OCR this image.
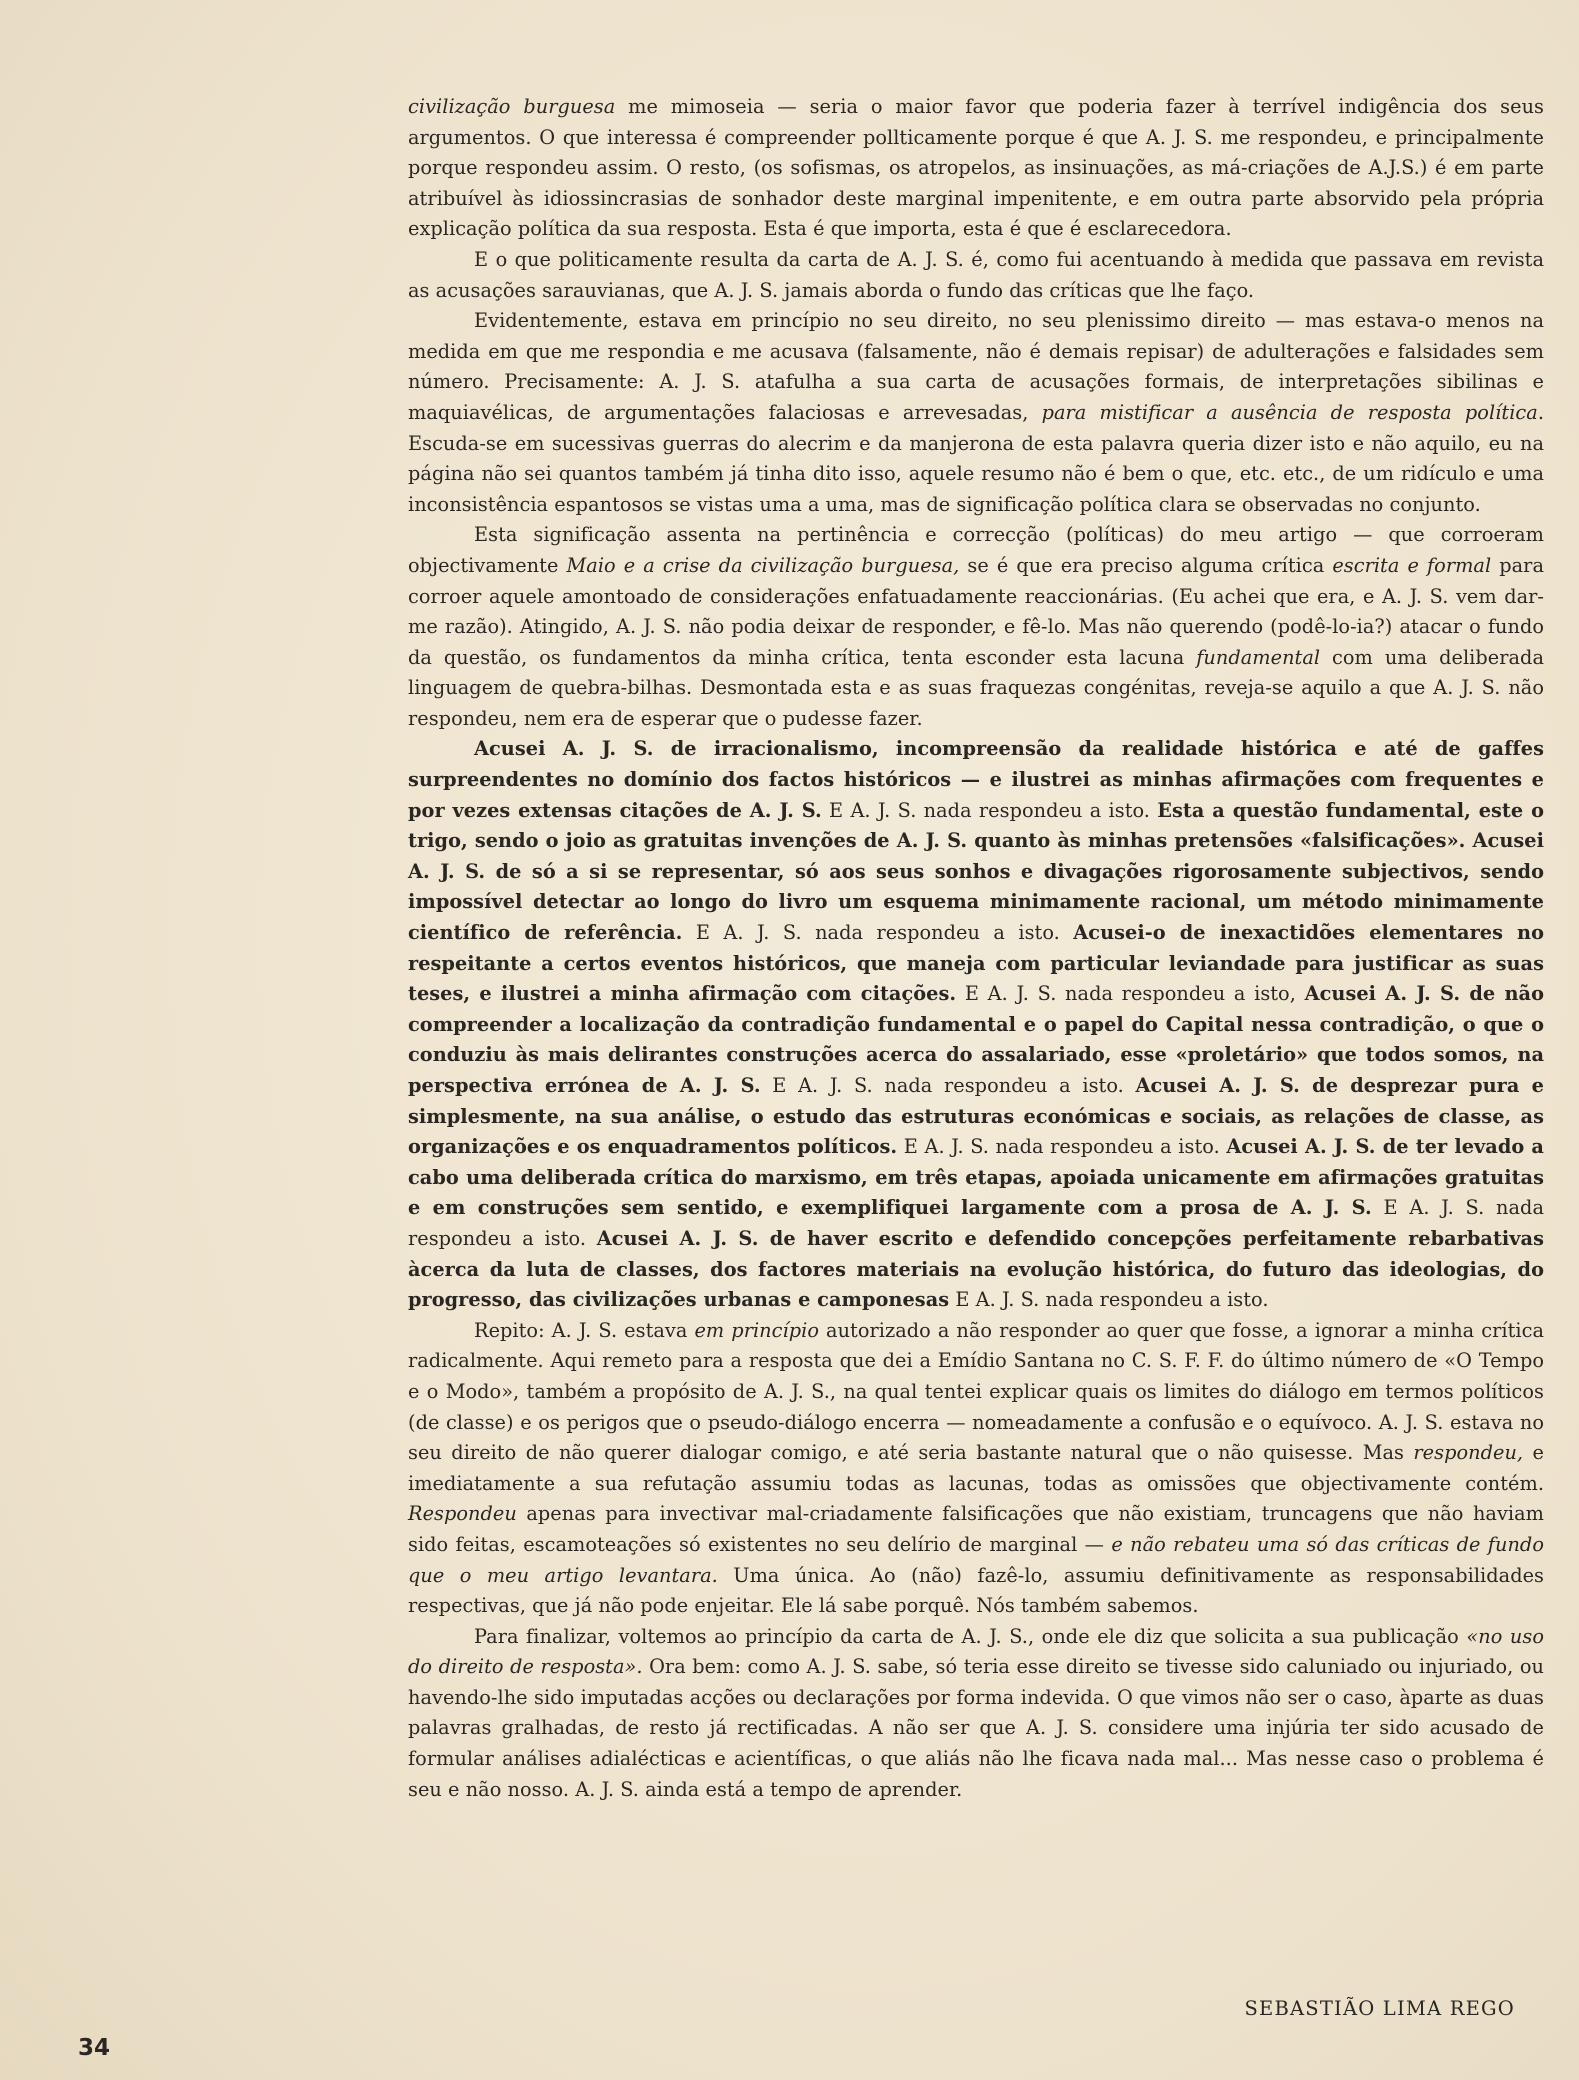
civilização burguesa me mimoseia — seria o maior favor que poderia fazer à terrível indigência dos seus argumentos. O que interessa é compreender pollticamente porque é que A. J. S. me respondeu, e principalmente porque respondeu assim. O resto, (os sofismas, os atropelos, as insinuações, as má-criações de A.J.S.) é em parte atribuível às idiossincrasias de sonhador deste marginal impenitente, e em outra parte absorvido pela própria explicação política da sua resposta. Esta é que importa, esta é que é esclarecedora.

E o que politicamente resulta da carta de A. J. S. é, como fui acentuando à medida que passava em revista as acusações sarauvianas, que A. J. S. jamais aborda o fundo das críticas que lhe faço.

Evidentemente, estava em princípio no seu direito, no seu plenissimo direito — mas estava-o menos na medida em que me respondia e me acusava (falsamente, não é demais repisar) de adulterações e falsidades sem número. Precisamente: A. J. S. atafulha a sua carta de acusações formais, de interpretações sibilinas e maquiavélicas, de argumentações falaciosas e arrevesadas, para mistificar a ausência de resposta política. Escuda-se em sucessivas guerras do alecrim e da manjerona de esta palavra queria dizer isto e não aquilo, eu na página não sei quantos também já tinha dito isso, aquele resumo não é bem o que, etc. etc., de um ridículo e uma inconsistência espantosos se vistas uma a uma, mas de significação política clara se observadas no conjunto.

Esta significação assenta na pertinência e correcção (políticas) do meu artigo — que corroeram objectivamente Maio e a crise da civilização burguesa, se é que era preciso alguma crítica escrita e formal para corroer aquele amontoado de considerações enfatuadamente reaccionárias. (Eu achei que era, e A. J. S. vem dar-me razão). Atingido, A. J. S. não podia deixar de responder, e fê-lo. Mas não querendo (podê-lo-ia?) atacar o fundo da questão, os fundamentos da minha crítica, tenta esconder esta lacuna fundamental com uma deliberada linguagem de quebra-bilhas. Desmontada esta e as suas fraquezas congénitas, reveja-se aquilo a que A. J. S. não respondeu, nem era de esperar que o pudesse fazer.

Acusei A. J. S. de irracionalismo, incompreensão da realidade histórica e até de gaffes surpreendentes no domínio dos factos históricos — e ilustrei as minhas afirmações com frequentes e por vezes extensas citações de A. J. S. E A. J. S. nada respondeu a isto. Esta a questão fundamental, este o trigo, sendo o joio as gratuitas invenções de A. J. S. quanto às minhas pretensões «falsificações». Acusei A. J. S. de só a si se representar, só aos seus sonhos e divagações rigorosamente subjectivos, sendo impossível detectar ao longo do livro um esquema minimamente racional, um método minimamente científico de referência. E A. J. S. nada respondeu a isto. Acusei-o de inexactidões elementares no respeitante a certos eventos históricos, que maneja com particular leviandade para justificar as suas teses, e ilustrei a minha afirmação com citações. E A. J. S. nada respondeu a isto, Acusei A. J. S. de não compreender a localização da contradição fundamental e o papel do Capital nessa contradição, o que o conduziu às mais delirantes construções acerca do assalariado, esse «proletário» que todos somos, na perspectiva errónea de A. J. S. E A. J. S. nada respondeu a isto. Acusei A. J. S. de desprezar pura e simplesmente, na sua análise, o estudo das estruturas económicas e sociais, as relações de classe, as organizações e os enquadramentos políticos. E A. J. S. nada respondeu a isto. Acusei A. J. S. de ter levado a cabo uma deliberada crítica do marxismo, em três etapas, apoiada unicamente em afirmações gratuitas e em construções sem sentido, e exemplifiquei largamente com a prosa de A. J. S. E A. J. S. nada respondeu a isto. Acusei A. J. S. de haver escrito e defendido concepções perfeitamente rebarbativas àcerca da luta de classes, dos factores materiais na evolução histórica, do futuro das ideologias, do progresso, das civilizações urbanas e camponesas E A. J. S. nada respondeu a isto.

Repito: A. J. S. estava em princípio autorizado a não responder ao quer que fosse, a ignorar a minha crítica radicalmente. Aqui remeto para a resposta que dei a Emídio Santana no C. S. F. F. do último número de «O Tempo e o Modo», também a propósito de A. J. S., na qual tentei explicar quais os limites do diálogo em termos políticos (de classe) e os perigos que o pseudo-diálogo encerra — nomeadamente a confusão e o equívoco. A. J. S. estava no seu direito de não querer dialogar comigo, e até seria bastante natural que o não quisesse. Mas respondeu, e imediatamente a sua refutação assumiu todas as lacunas, todas as omissões que objectivamente contém. Respondeu apenas para invectivar mal-criadamente falsificações que não existiam, truncagens que não haviam sido feitas, escamoteações só existentes no seu delírio de marginal — e não rebateu uma só das críticas de fundo que o meu artigo levantara. Uma única. Ao (não) fazê-lo, assumiu definitivamente as responsabilidades respectivas, que já não pode enjeitar. Ele lá sabe porquê. Nós também sabemos.

Para finalizar, voltemos ao princípio da carta de A. J. S., onde ele diz que solicita a sua publicação «no uso do direito de resposta». Ora bem: como A. J. S. sabe, só teria esse direito se tivesse sido caluniado ou injuriado, ou havendo-lhe sido imputadas acções ou declarações por forma indevida. O que vimos não ser o caso, àparte as duas palavras gralhadas, de resto já rectificadas. A não ser que A. J. S. considere uma injúria ter sido acusado de formular análises adialécticas e acientíficas, o que aliás não lhe ficava nada mal... Mas nesse caso o problema é seu e não nosso. A. J. S. ainda está a tempo de aprender.

SEBASTIÃO LIMA REGO
34
